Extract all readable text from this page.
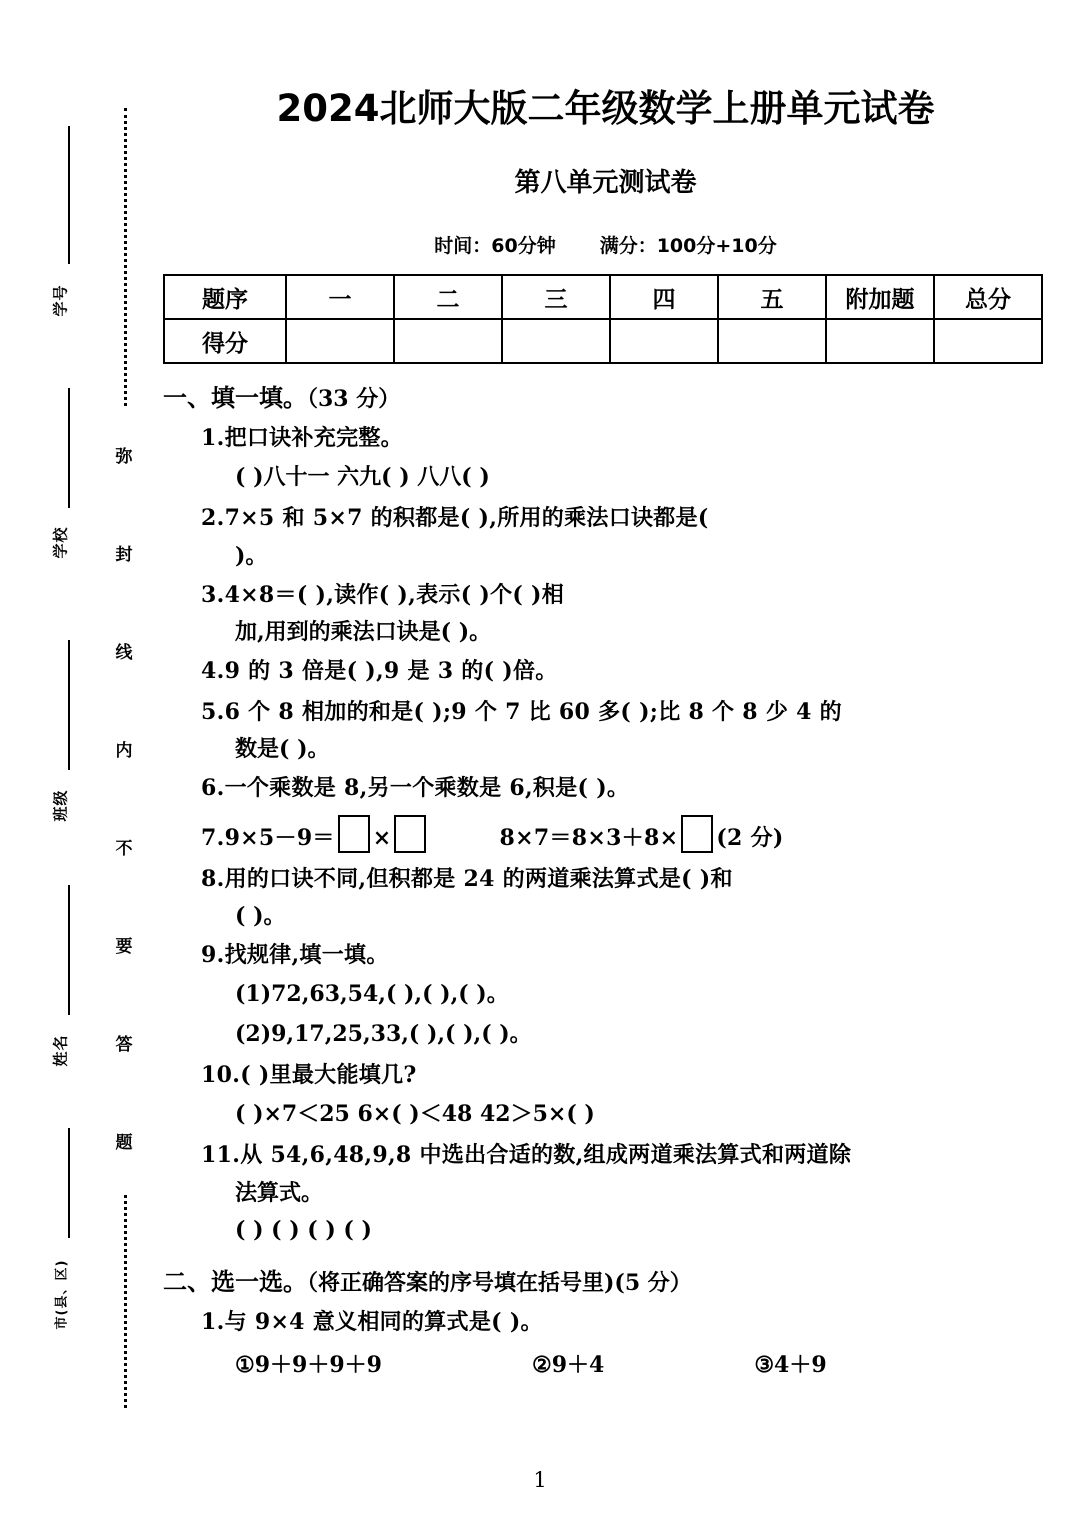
学号
学校
班级
姓名
市(县、区)
弥
封
线
内
不
要
答
题
2024北师大版二年级数学上册单元试卷
第八单元测试卷
时间：60分钟 满分：100分+10分
题序	一	二	三	四	五	附加题	总分
得分							
一、填一填。（33 分）
1.把口诀补充完整。
( )八十一 六九( ) 八八( )
2.7×5 和 5×7 的积都是( ),所用的乘法口诀都是(
)。
3.4×8＝( ),读作( ),表示( )个( )相
加,用到的乘法口诀是( )。
4.9 的 3 倍是( ),9 是 3 的( )倍。
5.6 个 8 相加的和是( );9 个 7 比 60 多( );比 8 个 8 少 4 的
数是( )。
6.一个乘数是 8,另一个乘数是 6,积是( )。
7.9×5－9＝ ×	8×7＝8×3＋8× (2 分)
8.用的口诀不同,但积都是 24 的两道乘法算式是( )和
( )。
9.找规律,填一填。
(1)72,63,54,( ),( ),( )。
(2)9,17,25,33,( ),( ),( )。
10.( )里最大能填几?
( )×7＜25 6×( )＜48 42＞5×( )
11.从 54,6,48,9,8 中选出合适的数,组成两道乘法算式和两道除
法算式。
( ) ( ) ( ) ( )
二、选一选。（将正确答案的序号填在括号里)(5 分）
1.与 9×4 意义相同的算式是( )。
①9＋9＋9＋9	②9＋4	③4＋9
1
